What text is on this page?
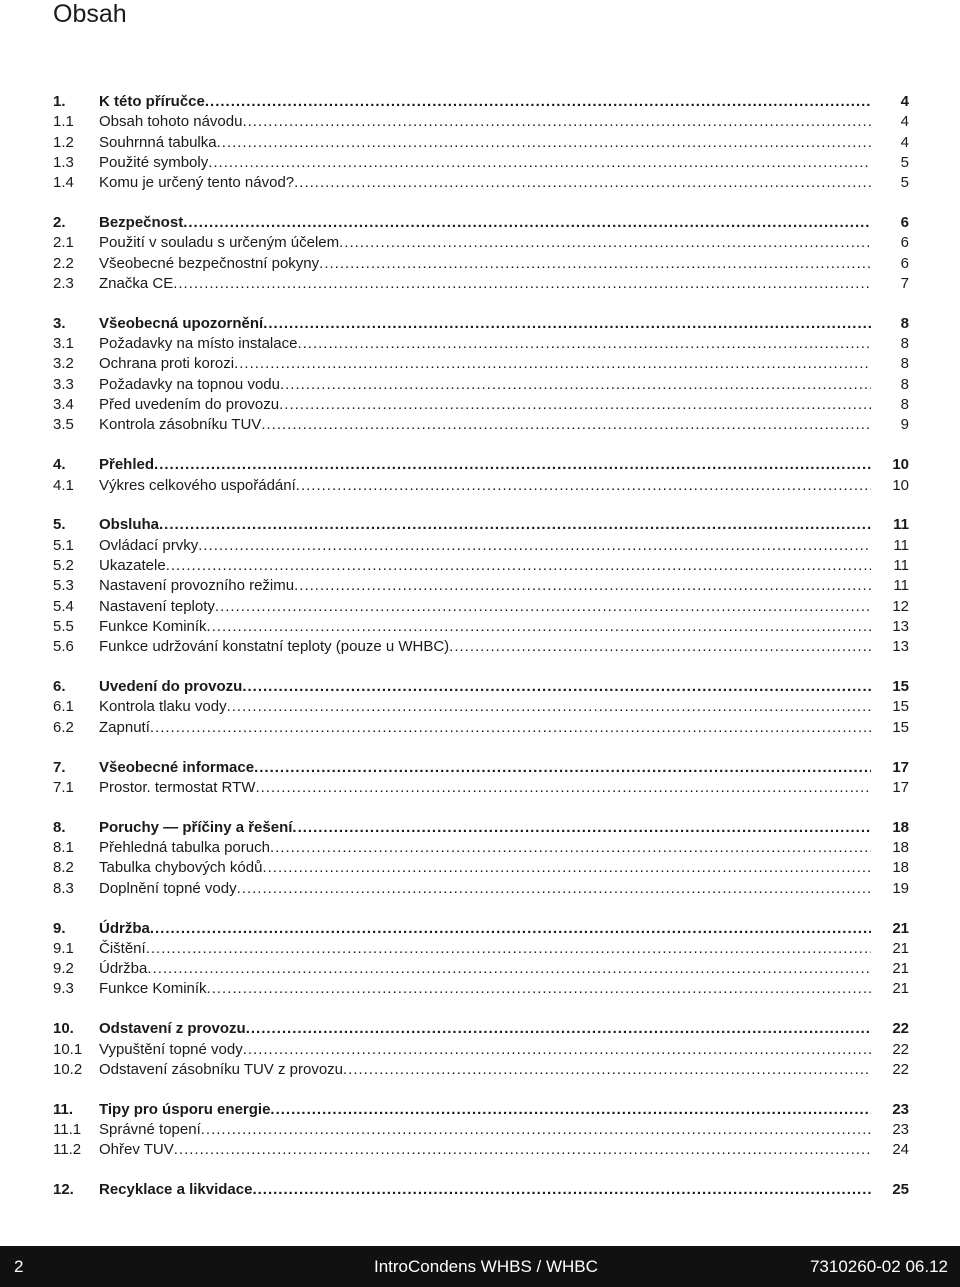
Obsah
1.	K této příručce .....	4
1.1	Obsah tohoto návodu .....	4
1.2	Souhrnná tabulka .....	4
1.3	Použité symboly .....	5
1.4	Komu je určený tento návod? .....	5
2.	Bezpečnost .....	6
2.1	Použití v souladu s určeným účelem .....	6
2.2	Všeobecné bezpečnostní pokyny .....	6
2.3	Značka CE .....	7
3.	Všeobecná upozornění .....	8
3.1	Požadavky na místo instalace .....	8
3.2	Ochrana proti korozi .....	8
3.3	Požadavky na topnou vodu .....	8
3.4	Před uvedením do provozu .....	8
3.5	Kontrola zásobníku TUV .....	9
4.	Přehled .....	10
4.1	Výkres celkového uspořádání .....	10
5.	Obsluha .....	11
5.1	Ovládací prvky .....	11
5.2	Ukazatele .....	11
5.3	Nastavení provozního režimu .....	11
5.4	Nastavení teploty .....	12
5.5	Funkce Kominík .....	13
5.6	Funkce udržování konstatní teploty (pouze u WHBC) .....	13
6.	Uvedení do provozu .....	15
6.1	Kontrola tlaku vody .....	15
6.2	Zapnutí .....	15
7.	Všeobecné informace .....	17
7.1	Prostor. termostat RTW .....	17
8.	Poruchy — příčiny a řešení .....	18
8.1	Přehledná tabulka poruch .....	18
8.2	Tabulka chybových kódů .....	18
8.3	Doplnění topné vody .....	19
9.	Údržba .....	21
9.1	Čištění .....	21
9.2	Údržba .....	21
9.3	Funkce Kominík .....	21
10.	Odstavení z provozu .....	22
10.1	Vypuštění topné vody .....	22
10.2	Odstavení zásobníku TUV z provozu .....	22
11.	Tipy pro úsporu energie .....	23
11.1	Správné topení .....	23
11.2	Ohřev TUV .....	24
12.	Recyklace a likvidace .....	25
2	IntroCondens WHBS / WHBC	7310260-02 06.12
